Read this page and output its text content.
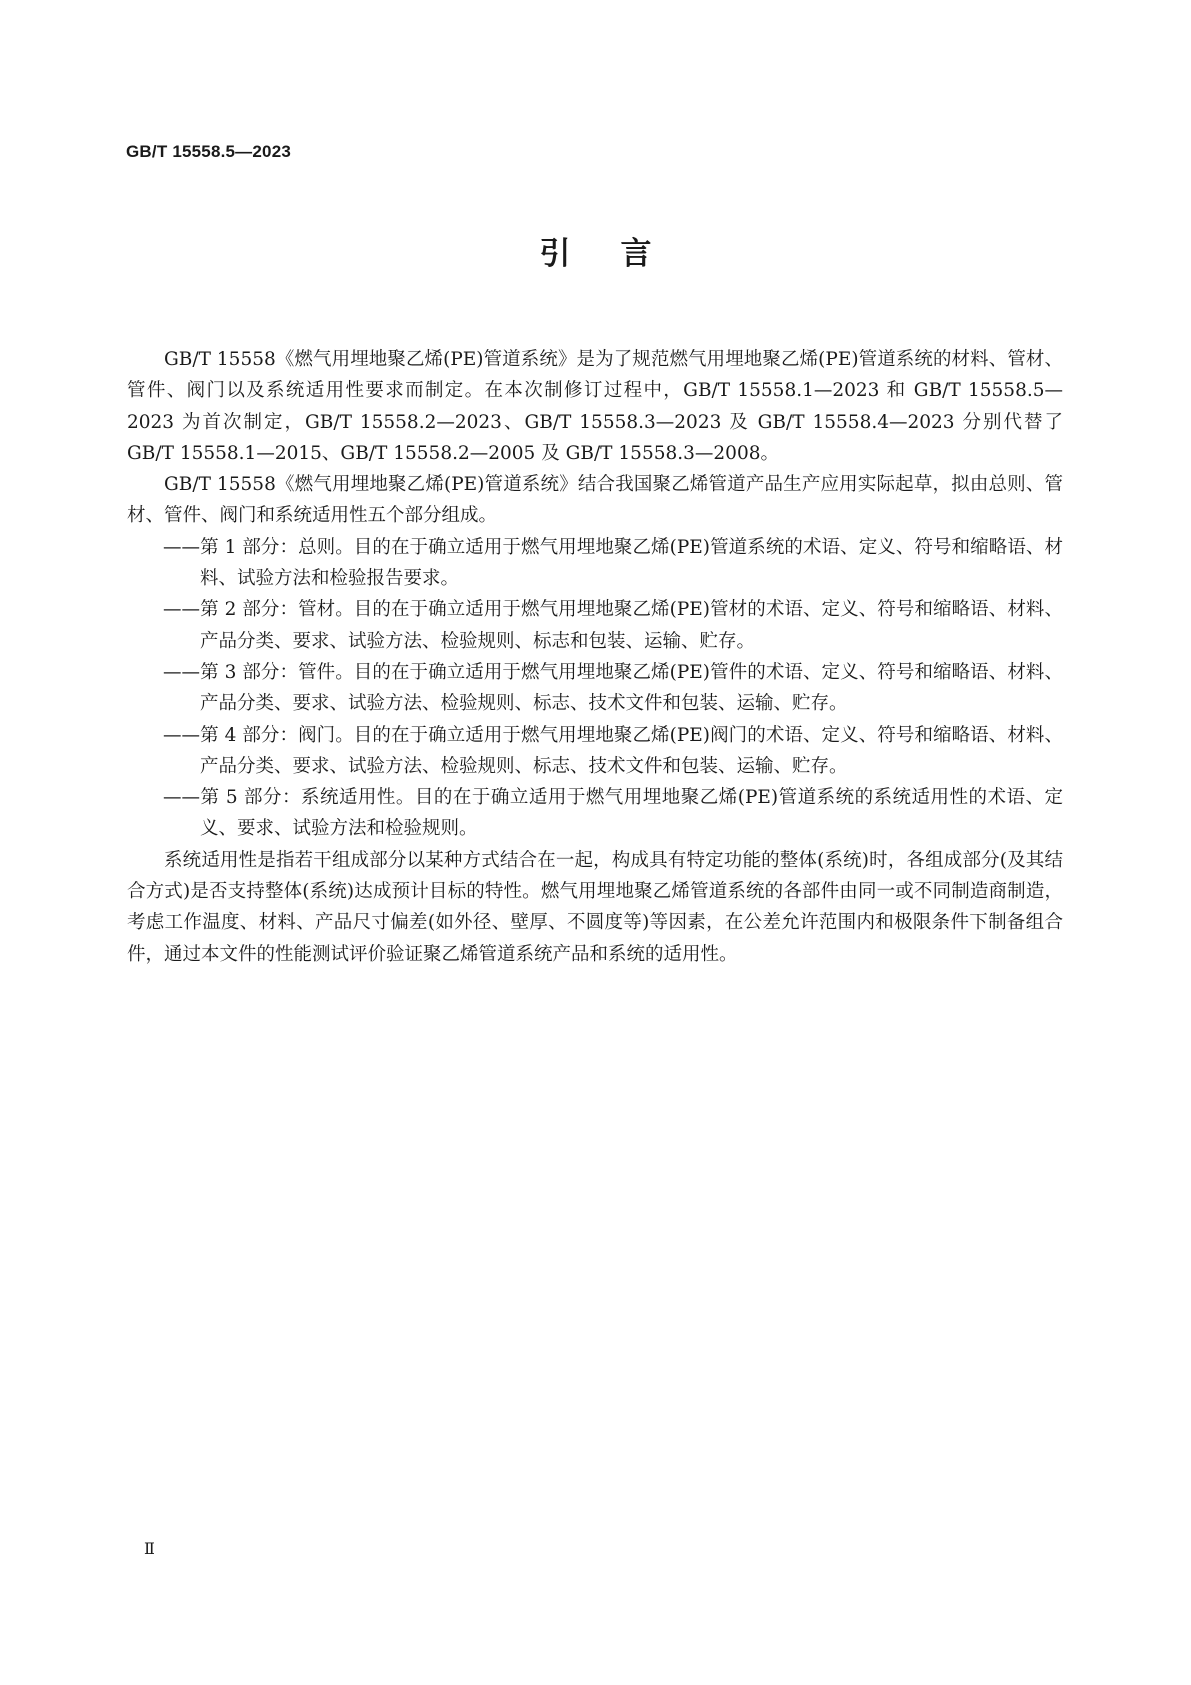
GB/T 15558.5—2023
引言

GB/T 15558《燃气用埋地聚乙烯(PE)管道系统》是为了规范燃气用埋地聚乙烯(PE)管道系统的材料、管材、管件、阀门以及系统适用性要求而制定。在本次制修订过程中，GB/T 15558.1—2023 和 GB/T 15558.5—2023 为首次制定，GB/T 15558.2—2023、GB/T 15558.3—2023 及 GB/T 15558.4—2023 分别代替了 GB/T 15558.1—2015、GB/T 15558.2—2005 及 GB/T 15558.3—2008。

GB/T 15558《燃气用埋地聚乙烯(PE)管道系统》结合我国聚乙烯管道产品生产应用实际起草，拟由总则、管材、管件、阀门和系统适用性五个部分组成。

——第 1 部分：总则。目的在于确立适用于燃气用埋地聚乙烯(PE)管道系统的术语、定义、符号和缩略语、材料、试验方法和检验报告要求。

——第 2 部分：管材。目的在于确立适用于燃气用埋地聚乙烯(PE)管材的术语、定义、符号和缩略语、材料、产品分类、要求、试验方法、检验规则、标志和包装、运输、贮存。

——第 3 部分：管件。目的在于确立适用于燃气用埋地聚乙烯(PE)管件的术语、定义、符号和缩略语、材料、产品分类、要求、试验方法、检验规则、标志、技术文件和包装、运输、贮存。

——第 4 部分：阀门。目的在于确立适用于燃气用埋地聚乙烯(PE)阀门的术语、定义、符号和缩略语、材料、产品分类、要求、试验方法、检验规则、标志、技术文件和包装、运输、贮存。

——第 5 部分：系统适用性。目的在于确立适用于燃气用埋地聚乙烯(PE)管道系统的系统适用性的术语、定义、要求、试验方法和检验规则。

系统适用性是指若干组成部分以某种方式结合在一起，构成具有特定功能的整体(系统)时，各组成部分(及其结合方式)是否支持整体(系统)达成预计目标的特性。燃气用埋地聚乙烯管道系统的各部件由同一或不同制造商制造，考虑工作温度、材料、产品尺寸偏差(如外径、壁厚、不圆度等)等因素，在公差允许范围内和极限条件下制备组合件，通过本文件的性能测试评价验证聚乙烯管道系统产品和系统的适用性。

Ⅱ
